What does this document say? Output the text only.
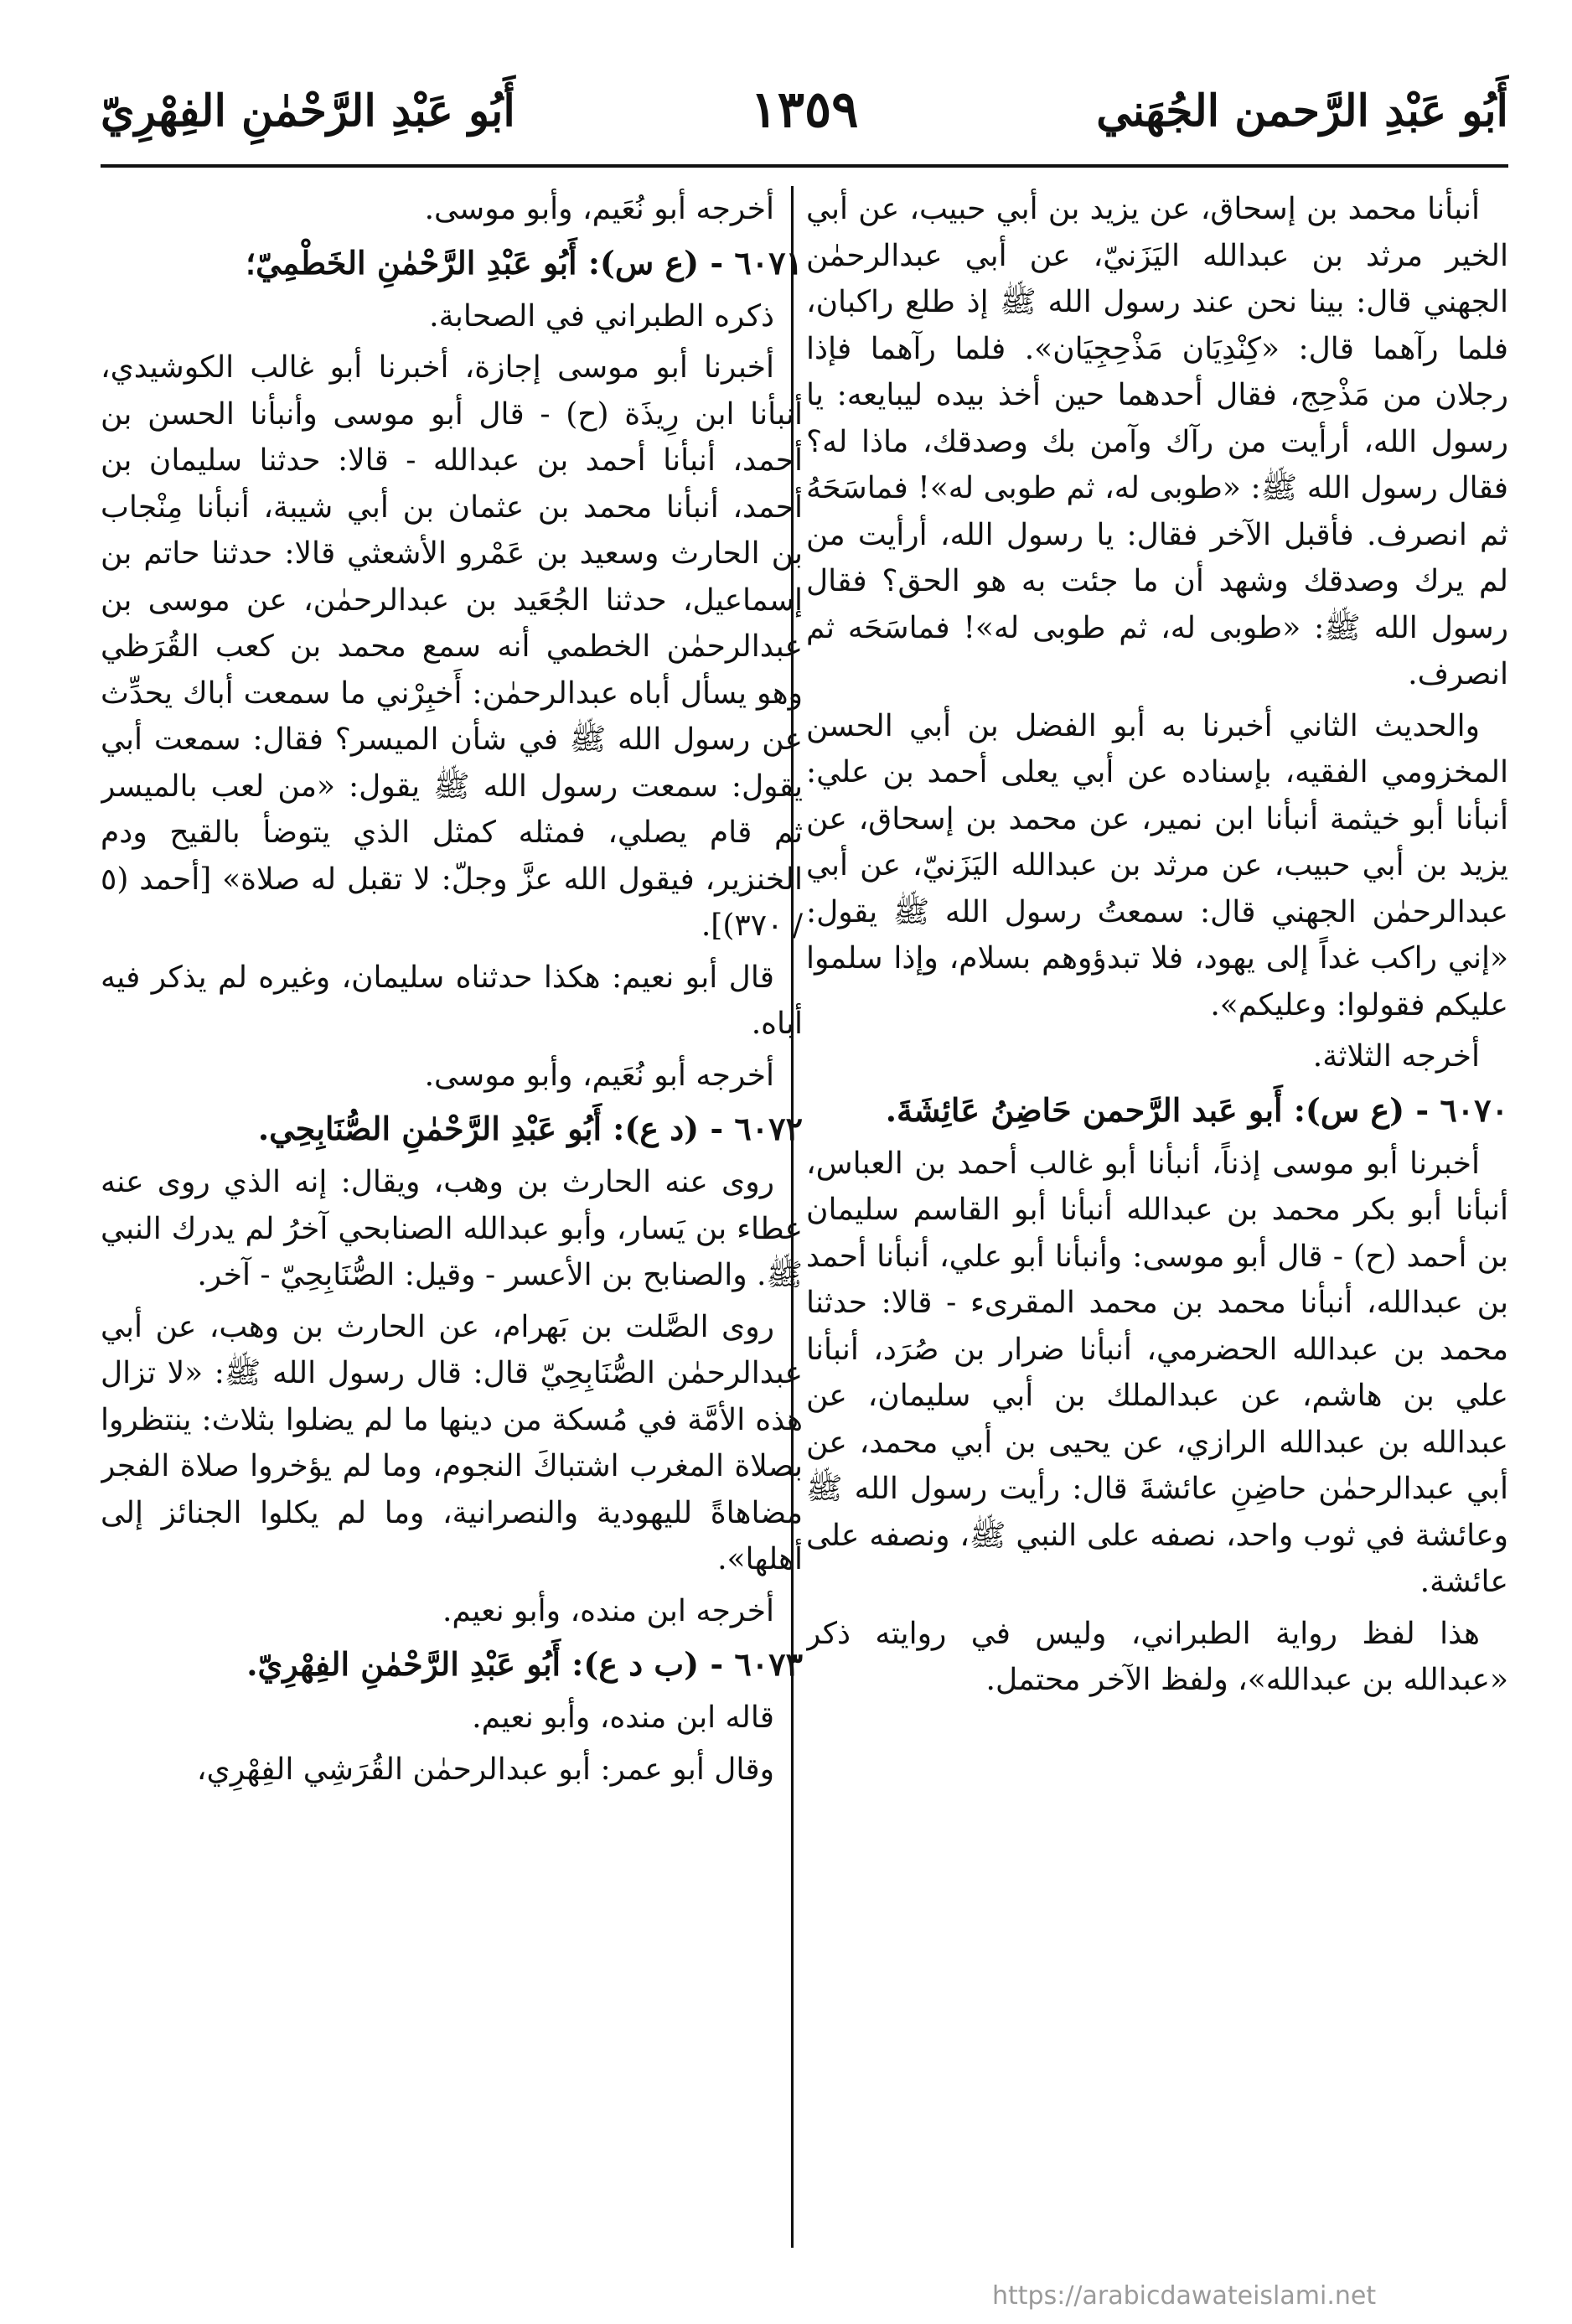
أَبُو عَبْدِ الرَّحمن الجُهَني
١٣٥٩
أَبُو عَبْدِ الرَّحْمٰنِ الفِهْرِيّ
أنبأنا محمد بن إسحاق، عن يزيد بن أبي حبيب، عن أبي الخير مرثد بن عبدالله اليَزَنيّ، عن أبي عبدالرحمٰن الجهني قال: بينا نحن عند رسول الله ﷺ إذ طلع راكبان، فلما رآهما قال: «كِنْدِيَان مَذْحِجِيَان». فلما رآهما فإذا رجلان من مَذْحِج، فقال أحدهما حين أخذ بيده ليبايعه: يا رسول الله، أرأيت من رآك وآمن بك وصدقك، ماذا له؟ فقال رسول الله ﷺ: «طوبى له، ثم طوبى له»! فماسَحَهُ ثم انصرف. فأقبل الآخر فقال: يا رسول الله، أرأيت من لم يرك وصدقك وشهد أن ما جئت به هو الحق؟ فقال رسول الله ﷺ: «طوبى له، ثم طوبى له»! فماسَحَه ثم انصرف.
والحديث الثاني أخبرنا به أبو الفضل بن أبي الحسن المخزومي الفقيه، بإسناده عن أبي يعلى أحمد بن علي: أنبأنا أبو خيثمة أنبأنا ابن نمير، عن محمد بن إسحاق، عن يزيد بن أبي حبيب، عن مرثد بن عبدالله اليَزَنيّ، عن أبي عبدالرحمٰن الجهني قال: سمعتُ رسول الله ﷺ يقول: «إني راكب غداً إلى يهود، فلا تبدؤوهم بسلام، وإذا سلموا عليكم فقولوا: وعليكم».
أخرجه الثلاثة.
٦٠٧٠ - (ع س): أَبو عَبد الرَّحمن حَاضِنُ عَائِشَةَ.
أخبرنا أبو موسى إذناً، أنبأنا أبو غالب أحمد بن العباس، أنبأنا أبو بكر محمد بن عبدالله أنبأنا أبو القاسم سليمان بن أحمد (ح) - قال أبو موسى: وأنبأنا أبو علي، أنبأنا أحمد بن عبدالله، أنبأنا محمد بن محمد المقرىء - قالا: حدثنا محمد بن عبدالله الحضرمي، أنبأنا ضرار بن صُرَد، أنبأنا علي بن هاشم، عن عبدالملك بن أبي سليمان، عن عبدالله بن عبدالله الرازي، عن يحيى بن أبي محمد، عن أبي عبدالرحمٰن حاضِنِ عائشةَ قال: رأيت رسول الله ﷺ وعائشة في ثوب واحد، نصفه على النبي ﷺ، ونصفه على عائشة.
هذا لفظ رواية الطبراني، وليس في روايته ذكر «عبدالله بن عبدالله»، ولفظ الآخر محتمل.
أخرجه أبو نُعَيم، وأبو موسى.
٦٠٧١ - (ع س): أَبُو عَبْدِ الرَّحْمٰنِ الخَطْمِيّ؛
ذكره الطبراني في الصحابة.
أخبرنا أبو موسى إجازة، أخبرنا أبو غالب الكوشيدي، أنبأنا ابن رِيذَة (ح) - قال أبو موسى وأنبأنا الحسن بن أحمد، أنبأنا أحمد بن عبدالله - قالا: حدثنا سليمان بن أحمد، أنبأنا محمد بن عثمان بن أبي شيبة، أنبأنا مِنْجاب بن الحارث وسعيد بن عَمْرو الأشعثي قالا: حدثنا حاتم بن إسماعيل، حدثنا الجُعَيد بن عبدالرحمٰن، عن موسى بن عبدالرحمٰن الخطمي أنه سمع محمد بن كعب القُرَظي وهو يسأل أباه عبدالرحمٰن: أَخبِرْني ما سمعت أباك يحدِّث عن رسول الله ﷺ في شأن الميسر؟ فقال: سمعت أبي يقول: سمعت رسول الله ﷺ يقول: «من لعب بالميسر ثم قام يصلي، فمثله كمثل الذي يتوضأ بالقيح ودم الخنزير، فيقول الله عزَّ وجلّ: لا تقبل له صلاة» [أحمد (٥ / ٣٧٠)].
قال أبو نعيم: هكذا حدثناه سليمان، وغيره لم يذكر فيه أباه.
أخرجه أبو نُعَيم، وأبو موسى.
٦٠٧٢ - (د ع): أَبُو عَبْدِ الرَّحْمٰنِ الصُّنَابِحِي.
روى عنه الحارث بن وهب، ويقال: إنه الذي روى عنه عطاء بن يَسار، وأبو عبدالله الصنابحي آخرُ لم يدرك النبي ﷺ. والصنابح بن الأعسر - وقيل: الصُّنَابِحِيّ - آخر.
روى الصَّلت بن بَهرام، عن الحارث بن وهب، عن أبي عبدالرحمٰن الصُّنَابِحِيّ قال: قال رسول الله ﷺ: «لا تزال هذه الأمَّة في مُسكة من دينها ما لم يضلوا بثلاث: ينتظروا بصلاة المغرب اشتباكَ النجوم، وما لم يؤخروا صلاة الفجر مضاهاةً لليهودية والنصرانية، وما لم يكلوا الجنائز إلى أهلها».
أخرجه ابن منده، وأبو نعيم.
٦٠٧٣ - (ب د ع): أَبُو عَبْدِ الرَّحْمٰنِ الفِهْرِيّ.
قاله ابن منده، وأبو نعيم.
وقال أبو عمر: أبو عبدالرحمٰن القُرَشِي الفِهْرِي،
https://arabicdawateislami.net
